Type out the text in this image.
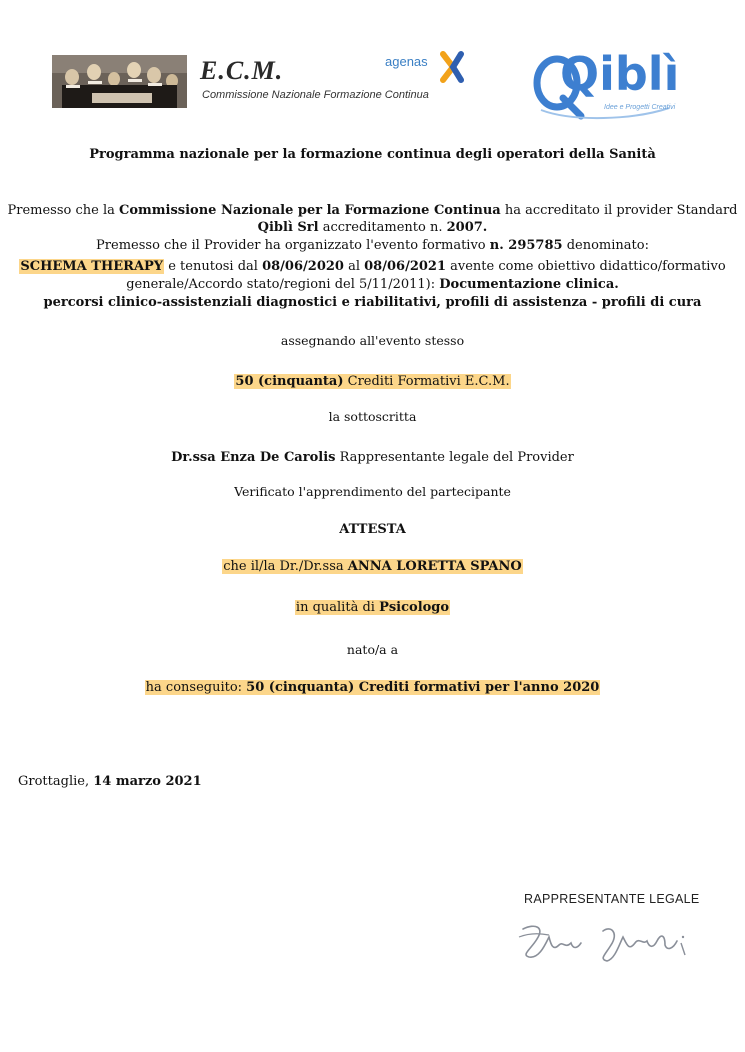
E.C.M.
Commissione Nazionale Formazione Continua
agenas	Qiblì
Idee e Progetti Creativi
Programma nazionale per la formazione continua degli operatori della Sanità
Premesso che la Commissione Nazionale per la Formazione Continua ha accreditato il provider Standard
Qiblì Srl accreditamento n. 2007.
Premesso che il Provider ha organizzato l'evento formativo n. 295785 denominato:
SCHEMA THERAPY e tenutosi dal 08/06/2020 al 08/06/2021 avente come obiettivo didattico/formativo
generale/Accordo stato/regioni del 5/11/2011): Documentazione clinica.
percorsi clinico-assistenziali diagnostici e riabilitativi, profili di assistenza - profili di cura
assegnando all'evento stesso
50 (cinquanta) Crediti Formativi E.C.M.
la sottoscritta
Dr.ssa Enza De Carolis Rappresentante legale del Provider
Verificato l'apprendimento del partecipante
ATTESTA
che il/la Dr./Dr.ssa ANNA LORETTA SPANO
in qualità di Psicologo
nato/a a
ha conseguito: 50 (cinquanta) Crediti formativi per l'anno 2020
Grottaglie, 14 marzo 2021
RAPPRESENTANTE LEGALE
